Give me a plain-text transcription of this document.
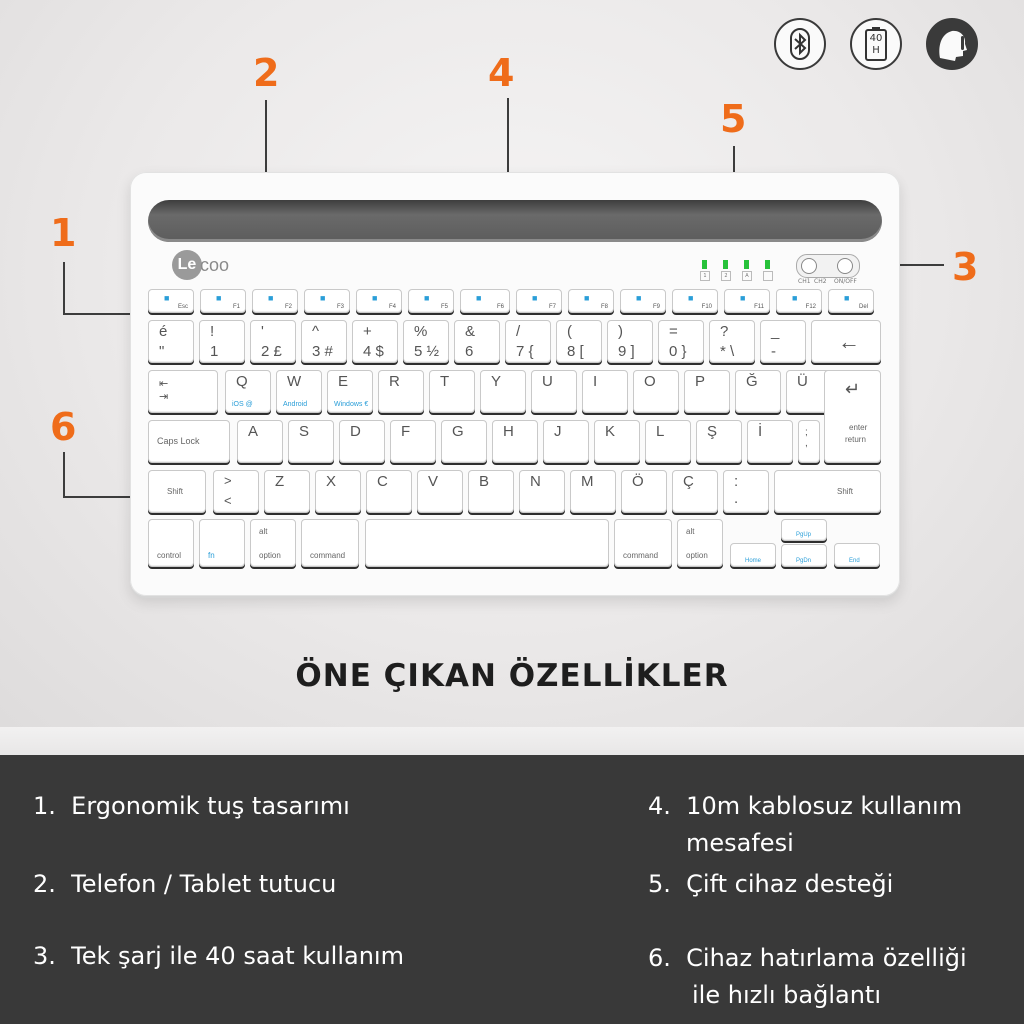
40
H
Le coo
1	2	A
CH1 CH2 ON/OFF
■
Esc
■
F1
■
F2
■
F3
■
F4
■
F5
■
F6
■
F7
■
F8
■
F9
■
F10
■
F11
■
F12
■
Del
é
"
!
1
'
2 £
^
3 #
+
4 $
%
5 ½
&
6
/
7 {
(
8 [
)
9 ]
=
0 }
?
* \
_
-	←
⇤
⇥
Q
iOS @
W
Android
E
Windows €
R	T	Y	U	I	O	P	Ğ	Ü ↵
enter
return
Caps Lock
A	S	D	F	G	H	J	K	L	Ş	İ	;
,
Shift
>
<
Z	X	C	V	B	N	M	Ö	Ç	:
.	Shift
control	fn
alt
option	command	command
alt
option
Home
PgUp
PgDn	End
1
2
3
4
5
6
ÖNE ÇIKAN ÖZELLİKLER
1. Ergonomik tuş tasarımı
2. Telefon / Tablet tutucu
3. Tek şarj ile 40 saat kullanım
4. 10m kablosuz kullanım
mesafesi
5. Çift cihaz desteği
6. Cihaz hatırlama özelliği
ile hızlı bağlantı
